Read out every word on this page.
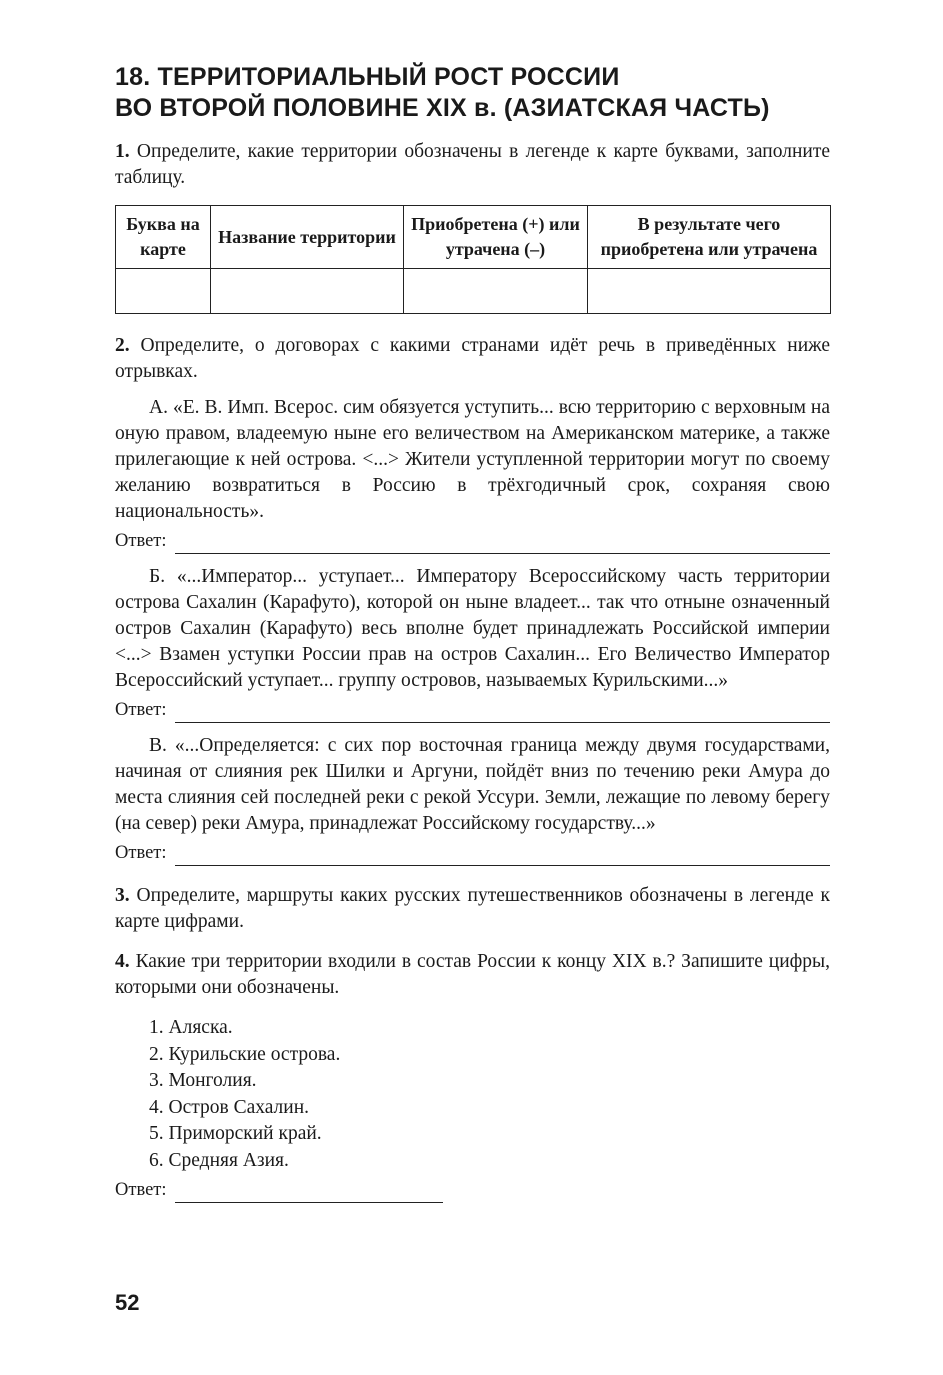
18. ТЕРРИТОРИАЛЬНЫЙ РОСТ РОССИИ
ВО ВТОРОЙ ПОЛОВИНЕ XIX в. (АЗИАТСКАЯ ЧАСТЬ)

1. Определите, какие территории обозначены в легенде к карте буквами, заполните таблицу.

Буква на карте	Название территории	Приобретена (+) или утрачена (–)	В результате чего приобретена или утрачена

2. Определите, о договорах с какими странами идёт речь в приведённых ниже отрывках.

А. «Е. В. Имп. Всерос. сим обязуется уступить... всю территорию с верховным на оную правом, владеемую ныне его величеством на Американском материке, а также прилегающие к ней острова. <...> Жители уступленной территории могут по своему желанию возвратиться в Россию в трёхгодичный срок, сохраняя свою национальность».

Ответ:

Б. «...Император... уступает... Императору Всероссийскому часть территории острова Сахалин (Карафуто), которой он ныне владеет... так что отныне означенный остров Сахалин (Карафуто) весь вполне будет принадлежать Российской империи <...> Взамен уступки России прав на остров Сахалин... Его Величество Император Всероссийский уступает... группу островов, называемых Курильскими...»

Ответ:

В. «...Определяется: с сих пор восточная граница между двумя государствами, начиная от слияния рек Шилки и Аргуни, пойдёт вниз по течению реки Амура до места слияния сей последней реки с рекой Уссури. Земли, лежащие по левому берегу (на север) реки Амура, принадлежат Российскому государству...»

Ответ:

3. Определите, маршруты каких русских путешественников обозначены в легенде к карте цифрами.

4. Какие три территории входили в состав России к концу XIX в.? Запишите цифры, которыми они обозначены.

1. Аляска.
2. Курильские острова.
3. Монголия.
4. Остров Сахалин.
5. Приморский край.
6. Средняя Азия.
Ответ:
52
